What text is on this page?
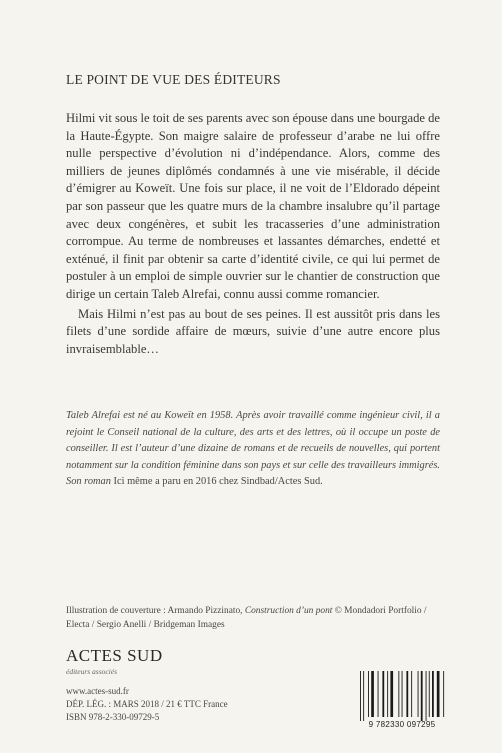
LE POINT DE VUE DES ÉDITEURS

Hilmi vit sous le toit de ses parents avec son épouse dans une bourgade de la Haute-Égypte. Son maigre salaire de professeur d’arabe ne lui offre nulle perspective d’évolution ni d’indépendance. Alors, comme des milliers de jeunes diplômés condamnés à une vie misérable, il décide d’émigrer au Koweït. Une fois sur place, il ne voit de l’Eldorado dépeint par son passeur que les quatre murs de la chambre insalubre qu’il partage avec deux congénères, et subit les tracasseries d’une administration corrompue. Au terme de nombreuses et lassantes démarches, endetté et exténué, il finit par obtenir sa carte d’identité civile, ce qui lui permet de postuler à un emploi de simple ouvrier sur le chantier de construction que dirige un certain Taleb Alrefai, connu aussi comme romancier.

Mais Hilmi n’est pas au bout de ses peines. Il est aussitôt pris dans les filets d’une sordide affaire de mœurs, suivie d’une autre encore plus invraisemblable…

Taleb Alrefai est né au Koweït en 1958. Après avoir travaillé comme ingénieur civil, il a rejoint le Conseil national de la culture, des arts et des lettres, où il occupe un poste de conseiller. Il est l’auteur d’une dizaine de romans et de recueils de nouvelles, qui portent notamment sur la condition féminine dans son pays et sur celle des travailleurs immigrés. Son roman Ici même a paru en 2016 chez Sindbad/Actes Sud.
Illustration de couverture : Armando Pizzinato, Construction d’un pont © Mondadori Portfolio / Electa / Sergio Anelli / Bridgeman Images
ACTES SUD
éditeurs associés
www.actes-sud.fr
DÉP. LÉG. : MARS 2018 / 21 € TTC France
ISBN 978-2-330-09729-5
9 782330 097295
